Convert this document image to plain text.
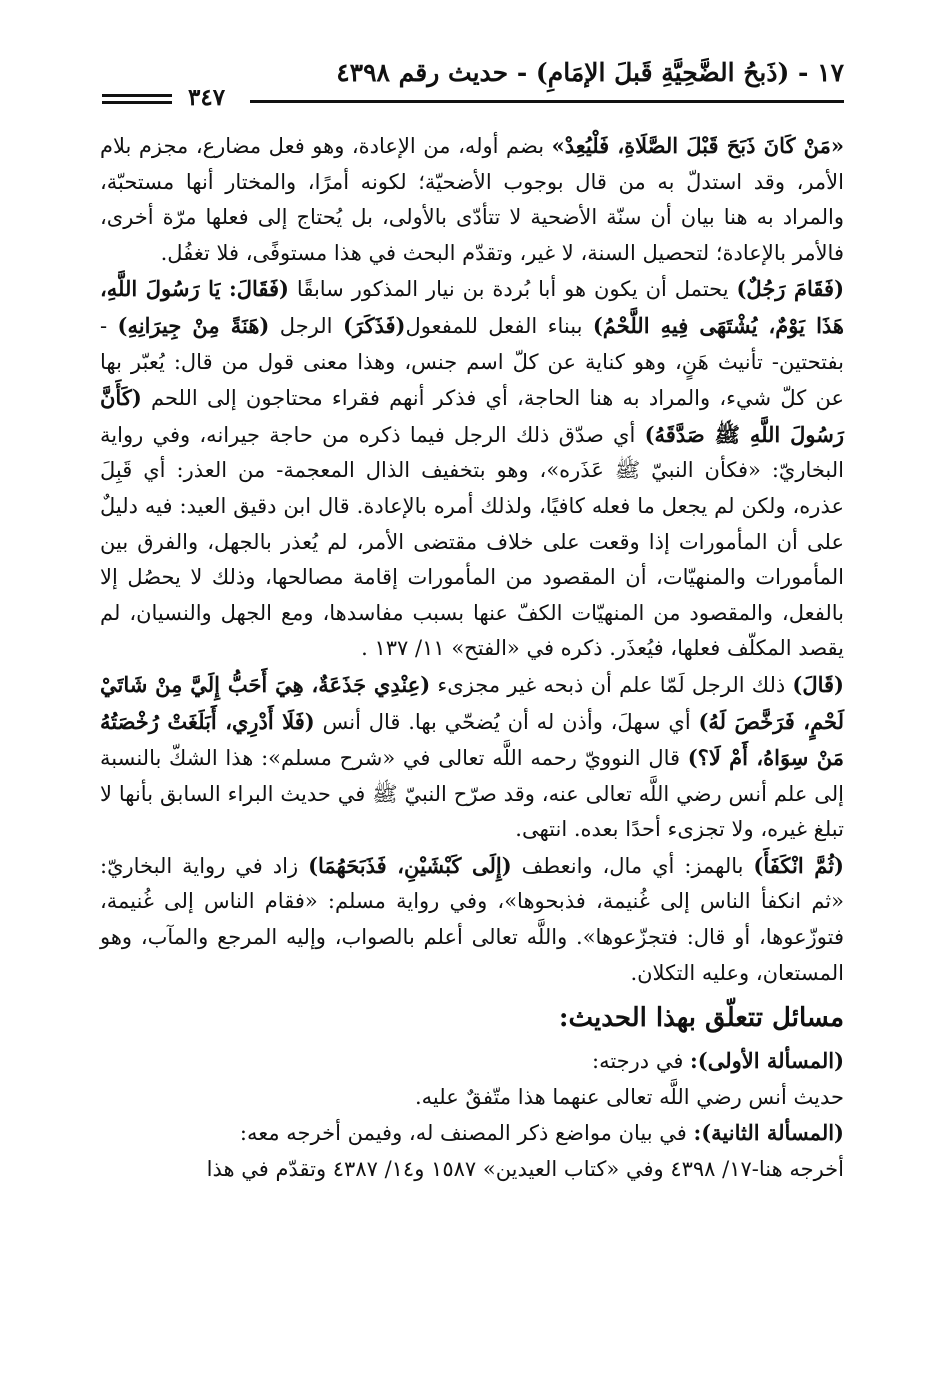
١٧ - (ذَبحُ الضَّحِيَّةِ قَبلَ الإمَامِ) - حديث رقم ٤٣٩٨
٣٤٧

«مَنْ كَانَ ذَبَحَ قَبْلَ الصَّلَاةِ، فَلْيُعِدْ» بضم أوله، من الإعادة، وهو فعل مضارع، مجزم بلام الأمر، وقد استدلّ به من قال بوجوب الأضحيّة؛ لكونه أمرًا، والمختار أنها مستحبّة، والمراد به هنا بيان أن سنّة الأضحية لا تتأدّى بالأولى، بل يُحتاج إلى فعلها مرّة أخرى، فالأمر بالإعادة؛ لتحصيل السنة، لا غير، وتقدّم البحث في هذا مستوفًى، فلا تغفُل.

(فَقَامَ رَجُلٌ) يحتمل أن يكون هو أبا بُردة بن نيار المذكور سابقًا (فَقَالَ: يَا رَسُولَ اللَّهِ، هَذَا يَوْمٌ، يُشْتَهَى فِيهِ اللَّحْمُ) ببناء الفعل للمفعول(فَذَكَرَ) الرجل (هَنَةً مِنْ جِيرَانِهِ) - بفتحتين- تأنيث هَنٍ، وهو كناية عن كلّ اسم جنس، وهذا معنى قول من قال: يُعبّر بها عن كلّ شيء، والمراد به هنا الحاجة، أي فذكر أنهم فقراء محتاجون إلى اللحم (كَأَنَّ رَسُولَ اللَّهِ ﷺ صَدَّقَهُ) أي صدّق ذلك الرجل فيما ذكره من حاجة جيرانه، وفي رواية البخاريّ: «فكأن النبيّ ﷺ عَذَره»، وهو بتخفيف الذال المعجمة- من العذر: أي قَبِلَ عذره، ولكن لم يجعل ما فعله كافيًا، ولذلك أمره بالإعادة. قال ابن دقيق العيد: فيه دليلٌ على أن المأمورات إذا وقعت على خلاف مقتضى الأمر، لم يُعذر بالجهل، والفرق بين المأمورات والمنهيّات، أن المقصود من المأمورات إقامة مصالحها، وذلك لا يحصُل إلا بالفعل، والمقصود من المنهيّات الكفّ عنها بسبب مفاسدها، ومع الجهل والنسيان، لم يقصد المكلّف فعلها، فيُعذَر. ذكره في «الفتح» ١١/ ١٣٧ .

(قَالَ) ذلك الرجل لَمّا علم أن ذبحه غير مجزىء (عِنْدِي جَذَعَةٌ، هِيَ أَحَبُّ إِلَيَّ مِنْ شَاتَيْ لَحْمٍ، فَرَخَّصَ لَهُ) أي سهلَ، وأذن له أن يُضحّي بها. قال أنس (فَلَا أَدْرِي، أَبَلَغَتْ رُخْصَتُهُ مَنْ سِوَاهُ، أَمْ لَا؟) قال النوويّ رحمه اللَّه تعالى في «شرح مسلم»: هذا الشكّ بالنسبة إلى علم أنس رضي اللَّه تعالى عنه، وقد صرّح النبيّ ﷺ في حديث البراء السابق بأنها لا تبلغ غيره، ولا تجزىء أحدًا بعده. انتهى.

(ثُمَّ انْكَفَأَ) بالهمز: أي مال، وانعطف (إِلَى كَبْشَيْنِ، فَذَبَحَهُمَا) زاد في رواية البخاريّ: «ثم انكفأ الناس إلى غُنيمة، فذبحوها»، وفي رواية مسلم: «فقام الناس إلى غُنيمة، فتوزّعوها، أو قال: فتجزّعوها». واللَّه تعالى أعلم بالصواب، وإليه المرجع والمآب، وهو المستعان، وعليه التكلان.

مسائل تتعلّق بهذا الحديث:

(المسألة الأولى): في درجته:

حديث أنس رضي اللَّه تعالى عنهما هذا متّفقٌ عليه.

(المسألة الثانية): في بيان مواضع ذكر المصنف له، وفيمن أخرجه معه:

أخرجه هنا-١٧/ ٤٣٩٨ وفي «كتاب العيدين» ١٥٨٧ و١٤/ ٤٣٨٧ وتقدّم في هذا
